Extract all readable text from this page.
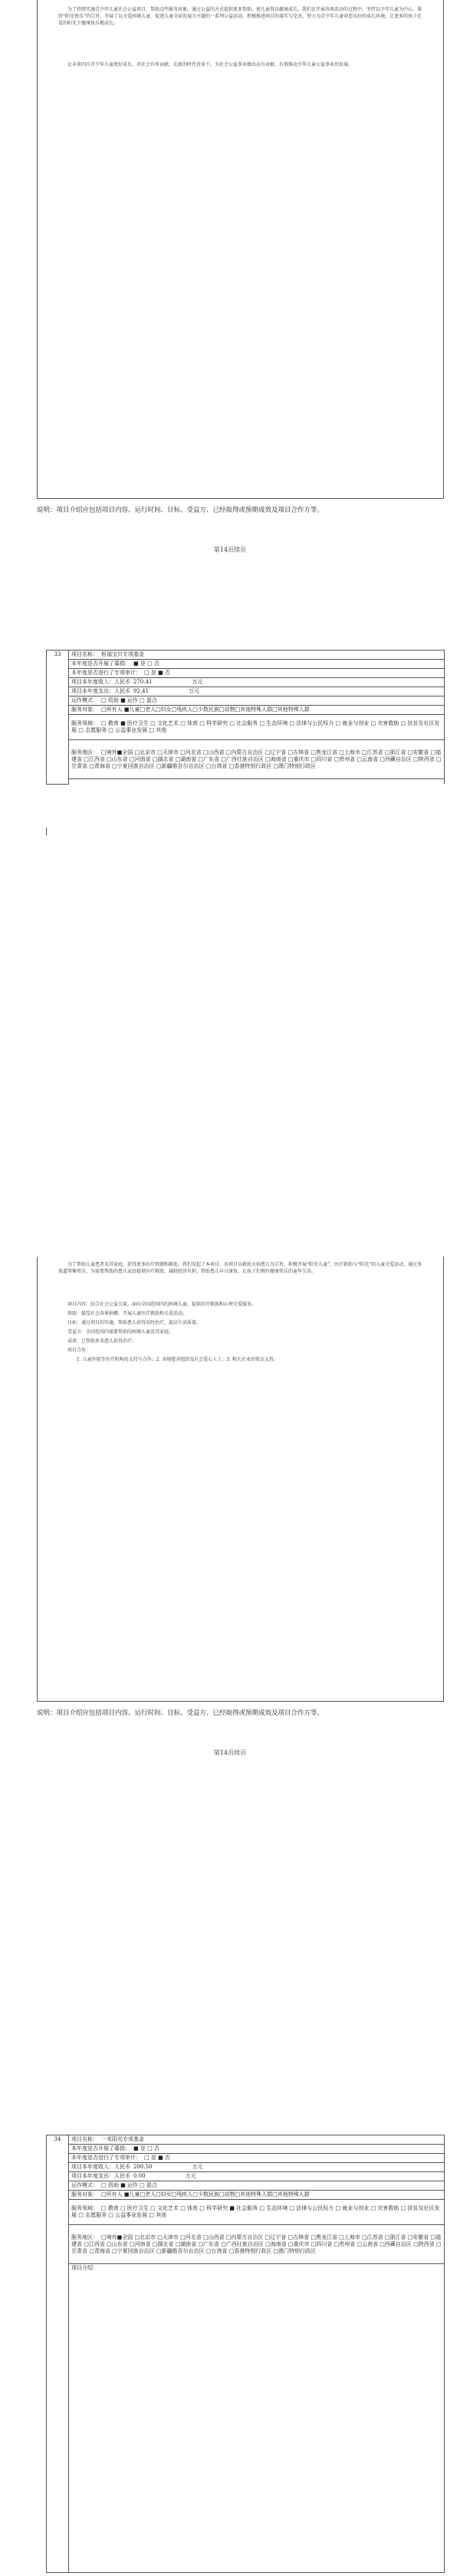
为了持续实施青少年儿童社会公益项目，帮助这些服务对象，通过公益的方式提供更多帮助，使儿童得以健康成长。我们在开展各类活动的过程中，坚持以少年儿童为中心，秉持“阳光快乐”的宗旨，开展了以关爱困境儿童、促进儿童全面发展为主题的一系列公益活动，积极推进项目的落实与完善，努力为青少年儿童营造良好的成长环境，让更多的孩子在爱的阳光下健康快乐地成长。
让未来四川青少年儿童更好成长、对社会有所贡献，在新的时代背景下，为社会公益事业做出应有贡献，有效推动少年儿童公益事业的发展。
说明：项目介绍应包括项目内容、运行时间、目标、受益方、已经取得或预期成效及项目合作方等。
第14页续页
33	项目名称： 枢福宝贝专项基金
本年度是否开展了募捐： ■ 是 □ 否
本年度是否进行了专项审计： □ 是 ■ 否
项目本年度收入：人民币 270.41	万元
项目本年度支出：人民币 92.41	万元
运作模式： □ 资助 ■ 运作 □ 混合
服务对象： □所有人 ■儿童□老人□妇女□残疾人□少数民族□动物□其他特殊人群□其他特殊人群
服务领域： □ 教育 ■ 医疗卫生 □ 文化艺术 □ 体育 □ 科学研究 □ 社会服务 □ 生态环境 □ 法律与公民权力 □ 就业与创业 □ 灾害救助 □ 扶贫及社区发展 □ 志愿服务 □ 公益事业发展 □ 其他
服务地区： □境外■全国 □北京市 □天津市 □河北省 □山西省 □内蒙古自治区 □辽宁省 □吉林省 □黑龙江省 □上海市 □江苏省 □浙江省 □安徽省 □福建省 □江西省 □山东省 □河南省 □湖北省 □湖南省 □广东省 □广西壮族自治区 □海南省 □重庆市 □四川省 □贵州省 □云南省 □西藏自治区 □陕西省 □甘肃省 □青海省 □宁夏回族自治区 □新疆维吾尔自治区 □台湾省 □香港特别行政区 □澳门特别行政区

为了帮助儿童患者及其家庭，获得更多医疗资源和救助，我们发起了本项目，该项目以救助大病患儿为宗旨，积极开展“阳光儿童”，医疗救助与“阳光”的儿童关爱活动，通过多渠道筹集资金，为需要帮助的患儿家庭提供医疗救助，减轻经济负担，帮助患儿早日康复，让孩子们拥有健康快乐的童年生活。
项目内容：结合社会公益力量，面向全国范围内的困境儿童，提供医疗救助和心理关爱服务。
资助：接受社会各界捐赠，开展儿童医疗救助和关爱活动。
目标：通过项目的实施，帮助患儿获得及时治疗，提高生活质量。
受益方：全国范围内需要帮助的困境儿童及其家庭。
成效：已帮助多名患儿获得治疗。
项目合作：
1. 儿童医院等医疗机构的支持与合作；2. 各地慈善组织及社会爱心人士；3. 相关企业的资金支持。
说明：项目介绍应包括项目内容、运行时间、目标、受益方、已经取得或预期成效及项目合作方等。
第14页续页
34	项目名称： 一米阳光专项基金
本年度是否开展了募捐： ■ 是 □ 否
本年度是否进行了专项审计： □ 是 ■ 否
项目本年度收入：人民币 200.50	万元
项目本年度支出：人民币 0.00	万元
运作模式： □ 资助 ■ 运作 □ 混合
服务对象： □所有人 ■儿童□老人□妇女□残疾人□少数民族□动物□其他特殊人群□其他特殊人群
服务领域： □ 教育 □ 医疗卫生 □ 文化艺术 □ 体育 □ 科学研究 ■ 社会服务 □ 生态环境 □ 法律与公民权力 □ 就业与创业 □ 灾害救助 □ 扶贫及社区发展 □ 志愿服务 □ 公益事业发展 □ 其他
服务地区： □境外■全国 □北京市 □天津市 □河北省 □山西省 □内蒙古自治区 □辽宁省 □吉林省 □黑龙江省 □上海市 □江苏省 □浙江省 □安徽省 □福建省 □江西省 □山东省 □河南省 □湖北省 □湖南省 □广东省 □广西壮族自治区 □海南省 □重庆市 □四川省 □贵州省 □云南省 □西藏自治区 □陕西省 □甘肃省 □青海省 □宁夏回族自治区 □新疆维吾尔自治区 □台湾省 □香港特别行政区 □澳门特别行政区
项目介绍：
